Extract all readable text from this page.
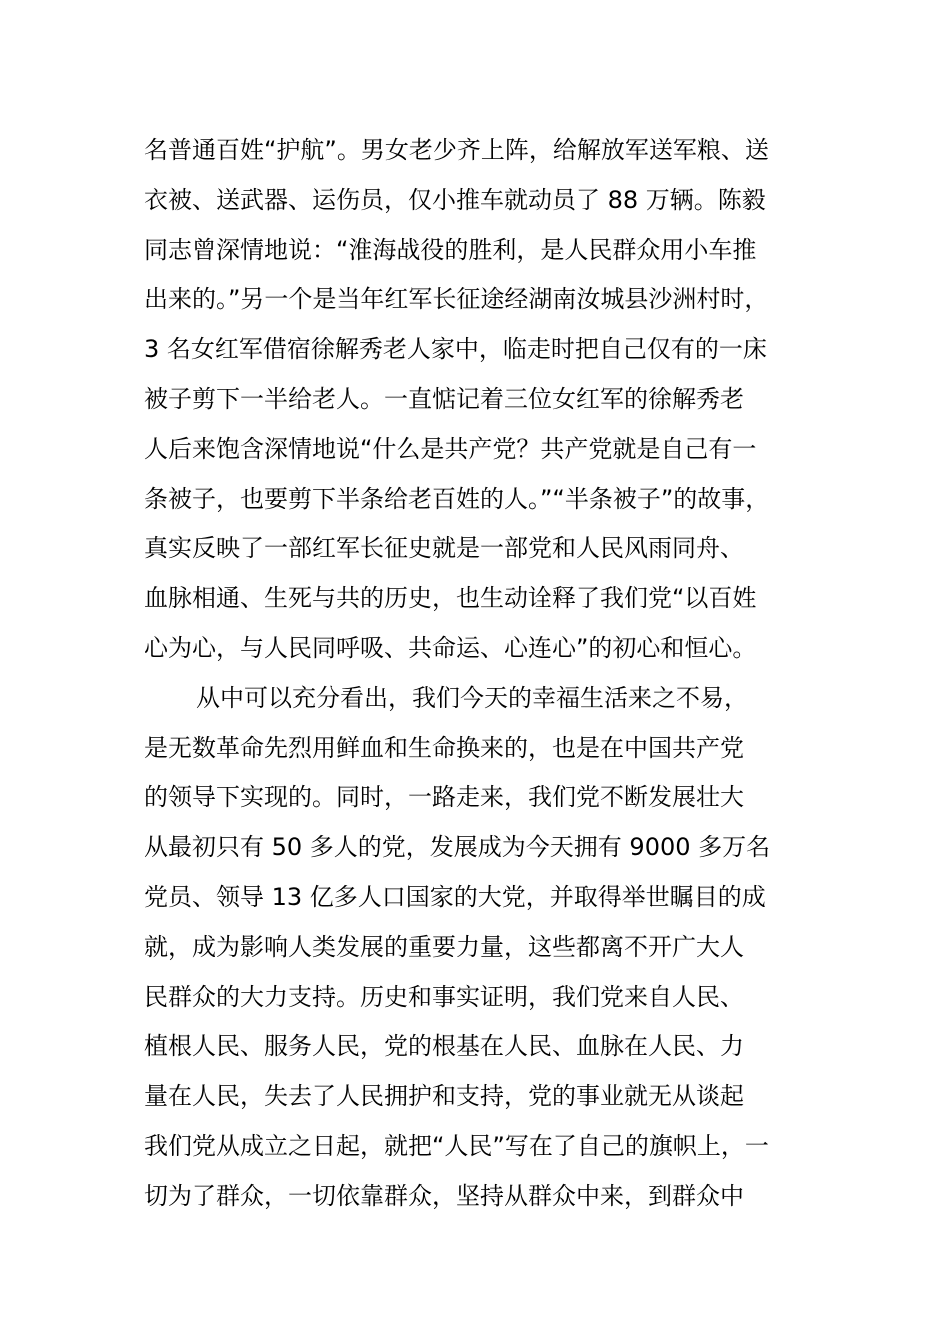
名普通百姓“护航”。男女老少齐上阵，给解放军送军粮、送
衣被、送武器、运伤员，仅小推车就动员了 88 万辆。陈毅
同志曾深情地说：“淮海战役的胜利，是人民群众用小车推
出来的。”另一个是当年红军长征途经湖南汝城县沙洲村时，
3 名女红军借宿徐解秀老人家中，临走时把自己仅有的一床
被子剪下一半给老人。一直惦记着三位女红军的徐解秀老
人后来饱含深情地说“什么是共产党？共产党就是自己有一
条被子，也要剪下半条给老百姓的人。”“半条被子”的故事，
真实反映了一部红军长征史就是一部党和人民风雨同舟、
血脉相通、生死与共的历史，也生动诠释了我们党“以百姓
心为心，与人民同呼吸、共命运、心连心”的初心和恒心。
从中可以充分看出，我们今天的幸福生活来之不易，
是无数革命先烈用鲜血和生命换来的，也是在中国共产党
的领导下实现的。同时，一路走来，我们党不断发展壮大
从最初只有 50 多人的党，发展成为今天拥有 9000 多万名
党员、领导 13 亿多人口国家的大党，并取得举世瞩目的成
就，成为影响人类发展的重要力量，这些都离不开广大人
民群众的大力支持。历史和事实证明，我们党来自人民、
植根人民、服务人民，党的根基在人民、血脉在人民、力
量在人民，失去了人民拥护和支持，党的事业就无从谈起
我们党从成立之日起，就把“人民”写在了自己的旗帜上，一
切为了群众，一切依靠群众，坚持从群众中来，到群众中
